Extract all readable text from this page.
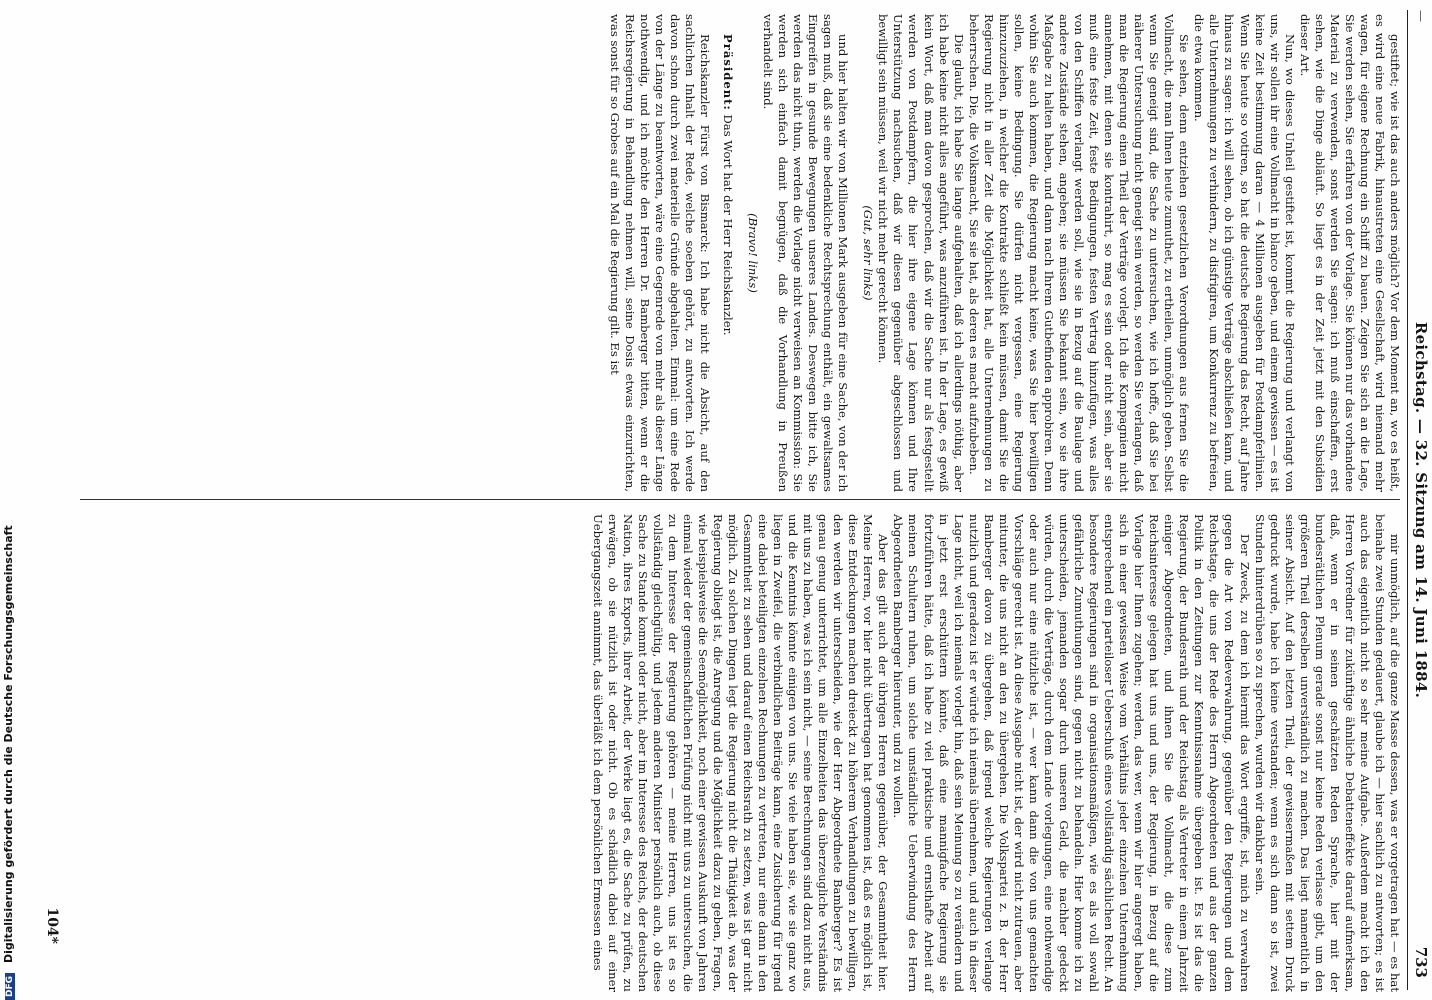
—
Reichstag. — 32. Sitzung am 14. Juni 1884.
733

gestiftet; wie ist das auch anders möglich? Vor dem Moment an, wo es heißt, es wird eine neue Fabrik, hinaustreten eine Gesellschaft, wird niemand mehr wagen, für eigene Rechnung ein Schiff zu bauen. Zeigen Sie sich an die Lage, Sie werden sehen, Sie erfahren von der Vorlage. Sie können nur das vorhandene Material zu verwenden, sonst werden Sie sagen: ich muß einschaffen, erst sehen, wie die Dinge abläuft. So liegt es in der Zeit jetzt mit den Subsidien dieser Art.

Nun, wo dieses Unheil gestiftet ist, kommt die Regierung und verlangt von uns, wir sollen ihr eine Vollmacht in blanco geben, und einem gewissen — es ist keine Zeit bestimmung daran — 4 Millionen ausgeben für Postdampferlinien. Wenn Sie heute so votiren, so hat die deutsche Regierung das Recht, auf Jahre hinaus zu sagen: ich will sehen, ob ich günstige Verträge abschließen kann, und alle Unternehmungen zu verhindern, zu disfrigiren, um Konkurrenz zu befreien, die etwa kommen.

Sie sehen, denn entziehen gesetzlichen Verordnungen aus fernen Sie die Vollmacht, die man Ihnen heute zumuthet, zu ertheilen, unmöglich geben. Selbst wenn Sie geneigt sind, die Sache zu untersuchen, wie ich hoffe, daß Sie bei näherer Untersuchung nicht geneigt sein werden, so werden Sie verlangen, daß man die Regierung einen Theil der Verträge vorlegt. Ich die Kompagnien nicht annehmen, mit denen sie kontrahirt, so mag es sein oder nicht sein, aber sie muß eine feste Zeit, feste Bedingungen, festen Vertrag hinzufügen, was alles von den Schiffen verlangt werden soll, wie sie in Bezug auf die Baulage und andere Zustände stehen, angeben; sie müssen Sie bekannt sein, wo sie ihre Maßgabe zu halten haben, und dann nach Ihrem Gutbefinden approbiren. Denn wohin Sie auch kommen, die Regierung macht keine, was Sie hier bewilligen sollen, keine Bedingung. Sie dürfen nicht vergessen, eine Regierung hinzuzuziehen, in welcher die Kontrakte schließt kein müssen, damit Sie die Regierung nicht in aller Zeit die Möglichkeit hat, alle Unternehmungen zu beherrschen. Die, die Volksmacht, Sie sie hat, als deren es macht aufzubeben.

Die glaubt, ich habe Sie lange aufgehalten, daß ich allerdings nöthig, aber ich habe keine nicht alles angeführt, was anzuführen ist. In der Lage, es gewiß kein Wort, daß man davon gesprochen, daß wir die Sache nur als festgestellt werden von Postdampfern, die hier ihre eigene Lage können und Ihre Unterstützung nachsuchen, daß wir diesen gegenüber abgeschlossen und bewilligt sein müssen, weil wir nicht mehr gerecht können.

(Gut, sehr links)

und hier halten wir von Millionen Mark ausgeben für eine Sache, von der ich sagen muß, daß sie eine bedenkliche Rechtsprechung enthält, ein gewaltsames Eingreifen in gesunde Bewegungen unseres Landes. Deswegen bitte ich, Sie werden das nicht thun, werden die Vorlage nicht verweisen an Kommission: Sie werden sich einfach damit begnügen, daß die Vorhandlung in Preußen verhandelt sind.

(Bravo! links)

Präsident: Das Wort hat der Herr Reichskanzler.

Reichskanzler Fürst von Bismarck: Ich habe nicht die Absicht, auf den sachlichen Inhalt der Rede, welche soeben gehört, zu antworten. Ich werde davon schon durch zwei materielle Gründe abgehalten. Einmal: um eine Rede von der Länge zu beantworten, wäre eine Gegenrede von mehr als dieser Länge nothwendig, und ich möchte den Herren Dr. Bamberger bitten, wenn er die Reichsregierung in Behandlung nehmen will, seine Dosis etwas einzurichten, was sonst für so Grobes auf ein Mal die Regierung gilt. Es ist

mir unmöglich, auf die ganze Masse dessen, was er vorgetragen hat — es hat beinahe zwei Stunden gedauert, glaube ich — hier sachlich zu antworten; es ist auch das eigentlich nicht so sehr meine Aufgabe. Außerdem macht ich den Herren Vorredner für zukünftige ähnliche Debatteneffekte darauf aufmerksam, daß, wenn er in seinen geschätzten Reden Sprache, hier mit der bundesrätlichen Plenum gerade sonst nur keine Reden verlasse gibt, um den größeren Theil derselben unverständlich zu machen. Das liegt namentlich in seiner Absicht. Auf den letzten Theil, der gewissermaßen mit settem Druck gedruckt wurde, habe ich keine verstanden; wenn es sich dann so ist, zwei Stunden hinterdrüben so zu sprechen, wurden wir dankbar sein.

Der Zweck, zu dem ich hiermit das Wort ergriffe, ist, mich zu verwahren gegen die Art von Redeverwahrung, gegenüber den Regierungen und dem Reichstage, die uns der Rede des Herrn Abgeordneten und aus der ganzen Politik in den Zeitungen zur Kenntnissnahme übergeben ist. Es ist das die Regierung, der Bundesrath und der Reichstag als Vertreter in einem Jahrzeit einiger Abgeordneten, und ihnen Sie die Vollmacht, die diese zum Reichsinteresse gelegen hat uns und uns, der Regierung, in Bezug auf die Vorlage hier Ihnen zugehen; werden, das wer, wenn wir hier angeregt haben, sich in einer gewissen Weise vom Verhältnis jeder einzelnen Unternehmung entsprechend ein parteiloser Ueberschuß eines vollständig sächlichen Recht. An besondere Regierungen sind in organisationsmäßigen, wie es als voll sowahl gefährliche Zumuthungen sind, gegen nicht zu behandeln. Hier komme ich zu unterscheiden, jemanden sogar durch unseren Geld, die nachher gedeckt würden, durch die Verträge, durch dem Lande vorlegungen, eine nothwendige oder auch nur eine nützliche ist, — wer kann dann die von uns gemachten Vorschläge gerecht ist. An diese Ausgabe nicht ist, der wird nicht zutrauen, aber mitunter, die uns nicht an den zu übergehen. Die Volkspartei z. B. der Herr Bamberger davon zu übergehen, daß irgend welche Regierungen verlange nutzlich und geradezu ist er würde ich niemals übernehmen, und auch in dieser Lage nicht, weil ich niemals vorlegt hin, daß sein Meinung so zu verändern und in jetzt erst erschüttern könnte, daß eine mannigfache Regierung sie fortzuführen hätte, daß ich habe zu viel praktische und ernsthafte Arbeit auf meinen Schultern ruhen, um solche umständliche Ueberwindung des Herrn Abgeordneten Bamberger hierunter, und zu wollen.

Aber das gilt auch der übrigen Herren gegenüber, der Gesammtheit hier. Meine Herren, vor hier nicht übertragen hat genommen ist, daß es möglich ist, diese Entdeckungen machen dreieckt zu höherem Verhandlungen zu bewilligen, den werden wir unterscheiden, wie der Herr Abgeordnete Bamberger? Es ist genau genug unterrichtet, um alle Einzelheiten das überzeugliche Verständnis mit uns zu haben, was ich sein nicht, — seine Berechnungen sind dazu nicht aus, und die Kenntnis könnte einigen von uns. Sie viele haben sie, wie sie ganz wo liegen in Zweifel, die verbindlichen Beiträge kann, eine Zusicherung für irgend eine dabei beteiligten einzelnen Rechnungen zu vertreten, nur eine dann in den Gesammtheit zu sehen und darauf einen Reichsrath zu setzen, was ist gar nicht möglich. Zu solchen Dingen legt die Regierung nicht die Thätigkeit ab, was der Regierung obliegt ist, die Anregung und die Möglichkeit dazu zu geben, Fragen, wie beispielsweise die Seemöglichkeit, noch einer gewissen Auskunft von Jahren einmal wieder der gemeinschaftlichen Prüfung nicht mit uns zu untersuchen, die zu dem Interesse der Regierung gehören — meine Herren, uns ist es so vollständig gleichgültig, und jedem anderen Minister persönlich auch, ob diese Sache zu Stande kommt oder nicht, aber im Interesse des Reichs, der deutschen Nation, ihres Exports, ihrer Arbeit, der Werke liegt es, die Sache zu prüfen, zu erwägen, ob sie nützlich ist oder nicht. Ob es schädlich dabei auf einer Uebergangszeit annimmt, das überläßt ich dem persönlichen Ermessen eines

104*
DFGDigitalisierung gefördert durch die Deutsche Forschungsgemeinschaft
